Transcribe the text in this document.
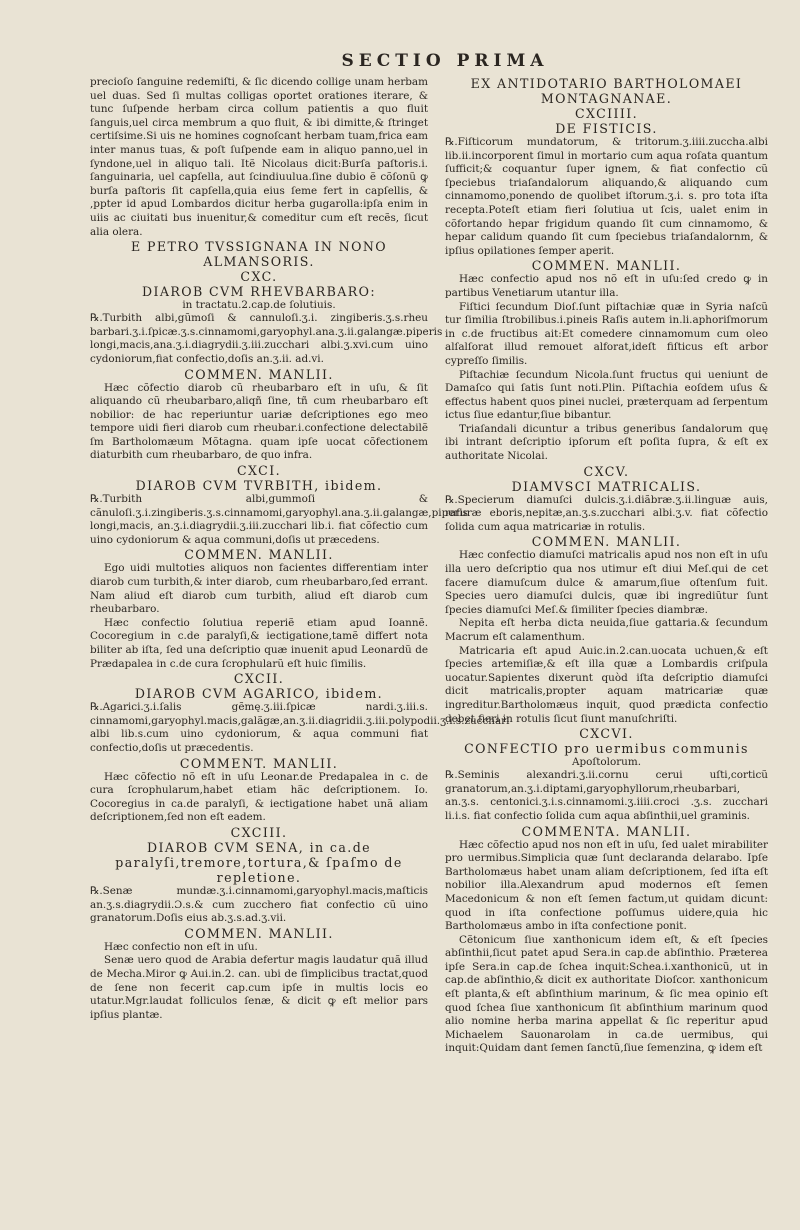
SECTIO PRIMA

precioſo ſanguine redemiſti, & ſic dicendo collige unam herbam uel duas. Sed ſi multas colligas oportet orationes iterare, & tunc ſuſpende herbam circa collum patientis a quo fluit ſanguis,uel circa membrum a quo fluit, & ibi dimitte,& ſtringet certiſsime.Si uis ne homines cognoſcant herbam tuam,frica eam inter manus tuas, & poſt ſuſpende eam in aliquo panno,uel in ſyndone,uel in aliquo tali. Itẽ Nicolaus dicit:Burſa paſtoris.i. ſanguinaria, uel capſella, aut ſcindiuulua.ſine dubio ẽ cõſonũ ꝙ burſa paſtoris ſit capſella,quia eius ſeme fert in capſellis, & ,ppter id apud Lombardos dicitur herba gugarolla:ipſa enim in uiis ac ciuitati bus inuenitur,& comeditur cum eſt recẽs, ſicut alia olera.

E PETRO TVSSIGNANA IN NONO ALMANSORIS.

CXC.

DIAROB CVM RHEVBARBARO:

in tractatu.2.cap.de ſolutiuis.

℞.Turbith albi,gũmoſi & cannuloſi.ʒ.i. zingiberis.ʒ.s.rheu barbari.ʒ.i.ſpicæ.ʒ.s.cinnamomi,garyophyl.ana.ʒ.ii.galangæ.piperis longi,macis,ana.ʒ.i.diagrydii.ʒ.iii.zucchari albi.ʒ.xvi.cum uino cydoniorum,fiat confectio,doſis an.ʒ.ii. ad.vi.

COMMEN. MANLII.

Hæc cõfectio diarob cũ rheubarbaro eſt in uſu, & ſit aliquando cũ rheubarbaro,aliqñ ſine, tñ cum rheubarbaro eſt nobilior: de hac reperiuntur uariæ deſcriptiones ego meo tempore uidi fieri diarob cum rheubar.i.confectione delectabilẽ ſm Bartholomæum Mõtagna. quam ipſe uocat cõfectionem diaturbith cum rheubarbaro, de quo infra.

CXCI.

DIAROB CVM TVRBITH, ibidem.

℞.Turbith albi,gummoſi & cãnuloſi.ʒ.i.zingiberis.ʒ.s.cinnamomi,garyophyl.ana.ʒ.ii.galangæ,piperis longi,macis, an.ʒ.i.diagrydii.ʒ.iii.zucchari lib.i. fiat cõfectio cum uino cydoniorum & aqua communi,doſis ut præcedens.

COMMEN. MANLII.

Ego uidi multoties aliquos non facientes differentiam inter diarob cum turbith,& inter diarob, cum rheubarbaro,ſed errant. Nam aliud eſt diarob cum turbith, aliud eſt diarob cum rheubarbaro.

Hæc confectio ſolutiua reperiẽ etiam apud Ioannẽ. Cocoregium in c.de paralyſi,& iectigatione,tamẽ differt nota biliter ab iſta, ſed una deſcriptio quæ inuenit apud Leonardũ de Prædapalea in c.de cura ſcrophularũ eſt huic ſimilis.

CXCII.

DIAROB CVM AGARICO, ibidem.

℞.Agarici.ʒ.i.ſalis gẽmę.ʒ.iii.ſpicæ nardi.ʒ.iii.s. cinnamomi,garyophyl.macis,galãgæ,an.ʒ.ii.diagridii.ʒ.iii.polypodii.ʒ.i.s.zucchari albi lib.s.cum uino cydoniorum, & aqua communi fiat confectio,doſis ut præcedentis.

COMMENT. MANLII.

Hæc cõfectio nõ eſt in uſu Leonar.de Predapalea in c. de cura ſcrophularum,habet etiam hãc deſcriptionem. Io. Cocoregius in ca.de paralyſi, & iectigatione habet unã aliam deſcriptionem,ſed non eſt eadem.

CXCIII.

DIAROB CVM SENA, in ca.de paralyſi,tremore,tortura,& ſpaſmo de repletione.

℞.Senæ mundæ.ʒ.i.cinnamomi,garyophyl.macis,maſticis an.ʒ.s.diagrydii.Ɔ.s.& cum zucchero fiat confectio cũ uino granatorum.Doſis eius ab.ʒ.s.ad.ʒ.vii.

COMMEN. MANLII.

Hæc confectio non eſt in uſu.

Senæ uero quod de Arabia defertur magis laudatur quã illud de Mecha.Miror ꝙ Aui.in.2. can. ubi de ſimplicibus tractat,quod de ſene non fecerit cap.cum ipſe in multis locis eo utatur.Mgr.laudat folliculos ſenæ, & dicit ꝙ eſt melior pars ipſius plantæ.

EX ANTIDOTARIO BARTHOLOMAEI MONTAGNANAE.

CXCIIII.

DE FISTICIS.

℞.Fiſticorum mundatorum, & tritorum.ʒ.iiii.zuccha.albi lib.ii.incorporent ſimul in mortario cum aqua roſata quantum ſufficit;& coquantur ſuper ignem, & fiat confectio cũ ſpeciebus triaſandalorum aliquando,& aliquando cum cinnamomo,ponendo de quolibet iſtorum.ʒ.i. s. pro tota iſta recepta.Poteſt etiam fieri ſolutiua ut ſcis, ualet enim in cõfortando hepar frigidum quando ſit cum cinnamomo, & hepar calidum quando ſit cum ſpeciebus triaſandalornm, & ipſius opilationes ſemper aperit.

COMMEN. MANLII.

Hæc confectio apud nos nõ eſt in uſu:ſed credo ꝙ in partibus Venetiarum utantur illa.

Fiſtici ſecundum Dioſ.ſunt piſtachiæ quæ in Syria naſcũ tur ſimilia ſtrobilibus.i.pineis Raſis autem in.li.aphoriſmorum in c.de fructibus ait:Et comedere cinnamomum cum oleo alſalſorat illud remouet alforat,ideſt fiſticus eſt arbor cypreſſo ſimilis.

Piſtachiæ ſecundum Nicola.ſunt fructus qui ueniunt de Damaſco qui ſatis ſunt noti.Plin. Piſtachia eoſdem uſus & effectus habent quos pinei nuclei, præterquam ad ſerpentum ictus ſiue edantur,ſiue bibantur.

Triaſandali dicuntur a tribus generibus ſandalorum quę ibi intrant deſcriptio ipſorum eſt poſita ſupra, & eſt ex authoritate Nicolai.

CXCV.

DIAMVSCI MATRICALIS.

℞.Specierum diamuſci dulcis.ʒ.i.diãbræ.ʒ.ii.linguæ auis, raſuræ eboris,nepitæ,an.ʒ.s.zucchari albi.ʒ.v. fiat cõfectio ſolida cum aqua matricariæ in rotulis.

COMMEN. MANLII.

Hæc confectio diamuſci matricalis apud nos non eſt in uſu illa uero deſcriptio qua nos utimur eſt diui Meſ.qui de cet facere diamuſcum dulce & amarum,ſiue oſtenſum fuit. Species uero diamuſci dulcis, quæ ibi ingrediũtur ſunt ſpecies diamuſci Meſ.& ſimiliter ſpecies diambræ.

Nepita eſt herba dicta neuida,ſiue gattaria.& ſecundum Macrum eſt calamenthum.

Matricaria eſt apud Auic.in.2.can.uocata uchuen,& eſt ſpecies artemiſiæ,& eſt illa quæ a Lombardis criſpula uocatur.Sapientes dixerunt quòd iſta deſcriptio diamuſci dicit matricalis,propter aquam matricariæ quæ ingreditur.Bartholomæus inquit, quod prædicta confectio debet fieri in rotulis ſicut ſiunt manuſchriſti.

CXCVI.

CONFECTIO pro uermibus communis

Apoſtolorum.

℞.Seminis alexandri.ʒ.ii.cornu cerui uſti,corticũ granatorum,an.ʒ.i.diptami,garyophyllorum,rheubarbari, an.ʒ.s. centonici.ʒ.i.s.cinnamomi.ʒ.iiii.croci .ʒ.s. zucchari li.i.s. fiat confectio ſolida cum aqua abſinthii,uel graminis.

COMMENTA. MANLII.

Hæc cõfectio apud nos non eſt in uſu, ſed ualet mirabiliter pro uermibus.Simplicia quæ ſunt declaranda delarabo. Ipſe Bartholomæus habet unam aliam deſcriptionem, ſed iſta eſt nobilior illa.Alexandrum apud modernos eſt ſemen Macedonicum & non eſt ſemen factum,ut quidam dicunt: quod in iſta confectione poſſumus uidere,quia hic Bartholomæus ambo in iſta confectione ponit.

Cẽtonicum ſiue xanthonicum idem eſt, & eſt ſpecies abſinthii,ſicut patet apud Sera.in cap.de abſinthio. Præterea ipſe Sera.in cap.de ſchea inquit:Schea.i.xanthonicũ, ut in cap.de abſinthio,& dicit ex authoritate Dioſcor. xanthonicum eſt planta,& eſt abſinthium marinum, & ſic mea opinio eſt quod ſchea ſiue xanthonicum ſit abſinthium marinum quod alio nomine herba marina appellat & ſic reperitur apud Michaelem Sauonarolam in ca.de uermibus, qui inquit:Quidam dant ſemen ſanctũ,ſiue ſemenzina, ꝙ idem eſt
